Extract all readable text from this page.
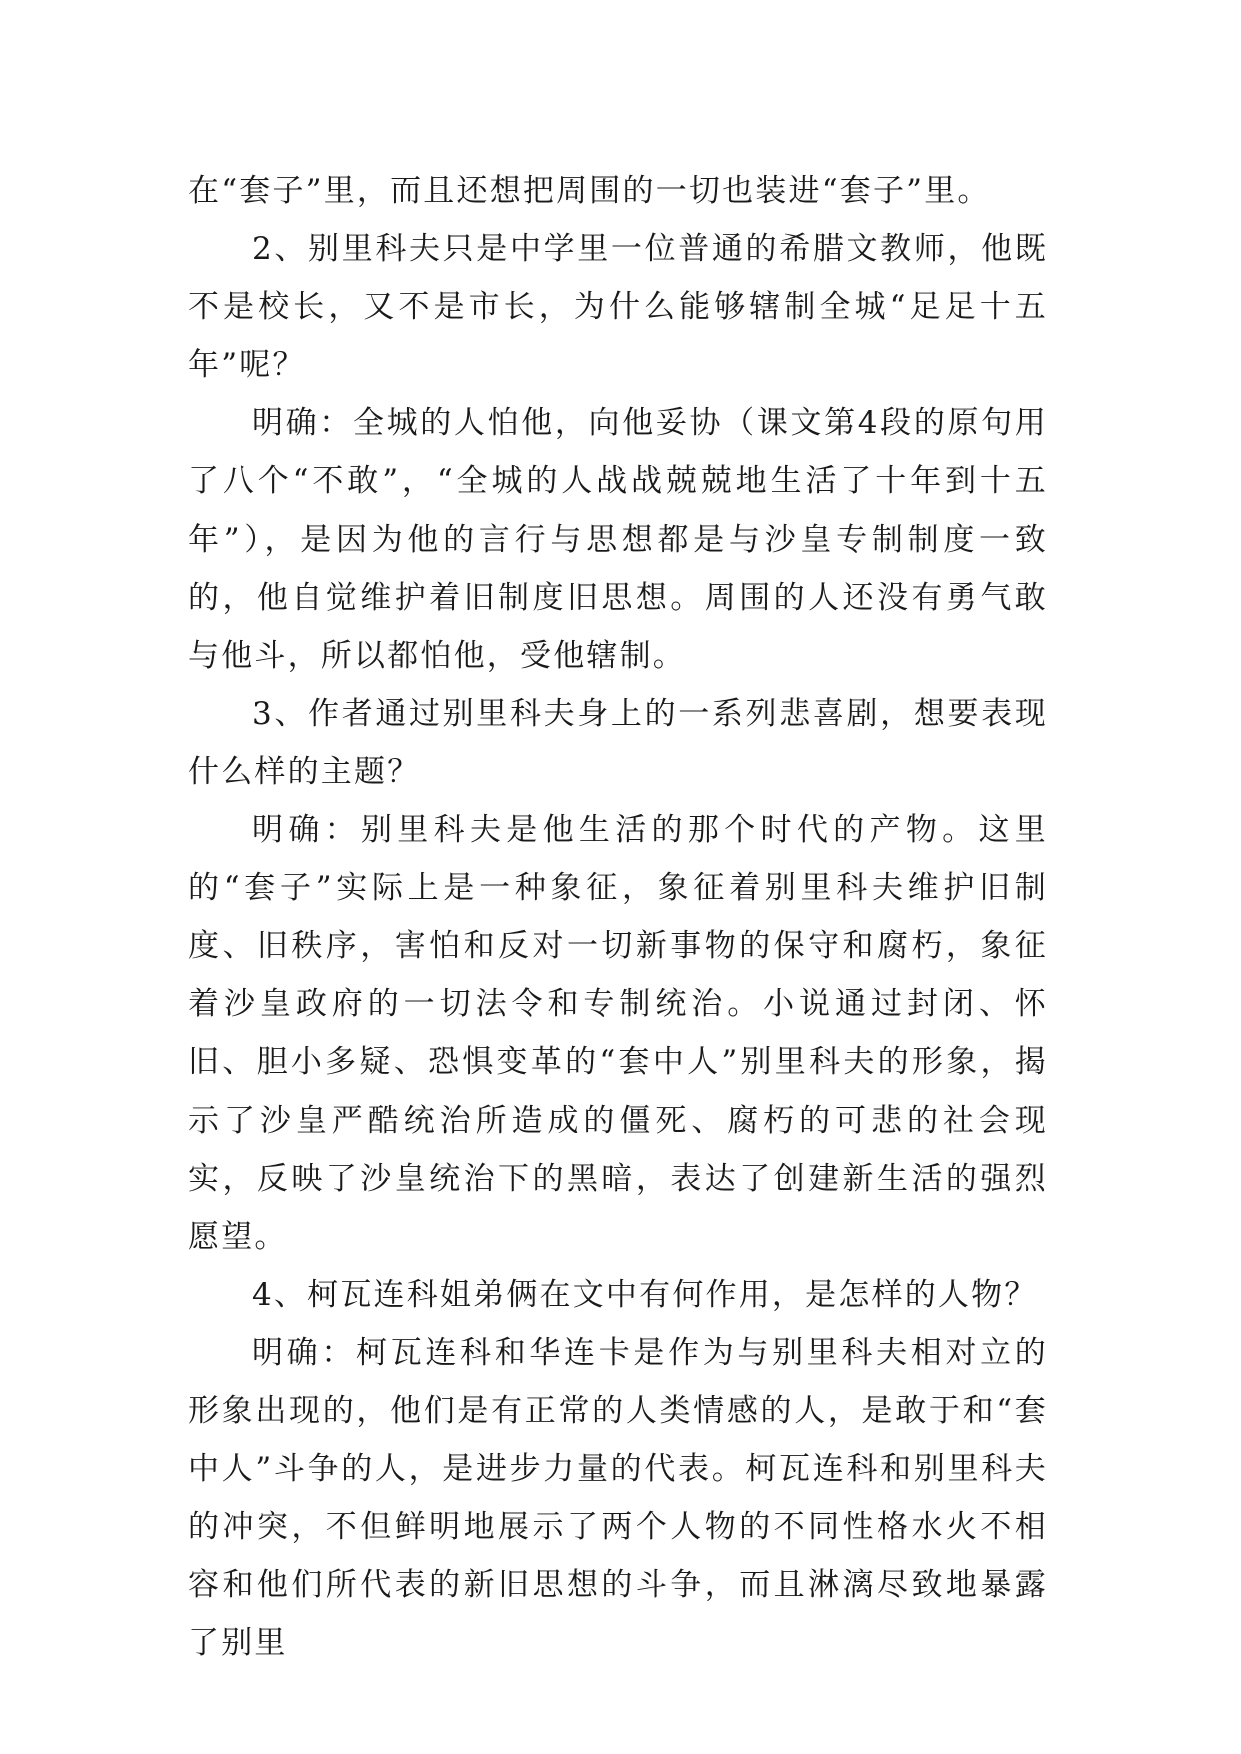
在“套子”里，而且还想把周围的一切也装进“套子”里。

2、别里科夫只是中学里一位普通的希腊文教师，他既不是校长，又不是市长，为什么能够辖制全城“足足十五年”呢？

明确：全城的人怕他，向他妥协（课文第4段的原句用了八个“不敢”，“全城的人战战兢兢地生活了十年到十五年”），是因为他的言行与思想都是与沙皇专制制度一致的，他自觉维护着旧制度旧思想。周围的人还没有勇气敢与他斗，所以都怕他，受他辖制。

3、作者通过别里科夫身上的一系列悲喜剧，想要表现什么样的主题？

明确：别里科夫是他生活的那个时代的产物。这里的“套子”实际上是一种象征，象征着别里科夫维护旧制度、旧秩序，害怕和反对一切新事物的保守和腐朽，象征着沙皇政府的一切法令和专制统治。小说通过封闭、怀旧、胆小多疑、恐惧变革的“套中人”别里科夫的形象，揭示了沙皇严酷统治所造成的僵死、腐朽的可悲的社会现实，反映了沙皇统治下的黑暗，表达了创建新生活的强烈愿望。

4、柯瓦连科姐弟俩在文中有何作用，是怎样的人物？

明确：柯瓦连科和华连卡是作为与别里科夫相对立的形象出现的，他们是有正常的人类情感的人，是敢于和“套中人”斗争的人，是进步力量的代表。柯瓦连科和别里科夫的冲突，不但鲜明地展示了两个人物的不同性格水火不相容和他们所代表的新旧思想的斗争，而且淋漓尽致地暴露了别里
